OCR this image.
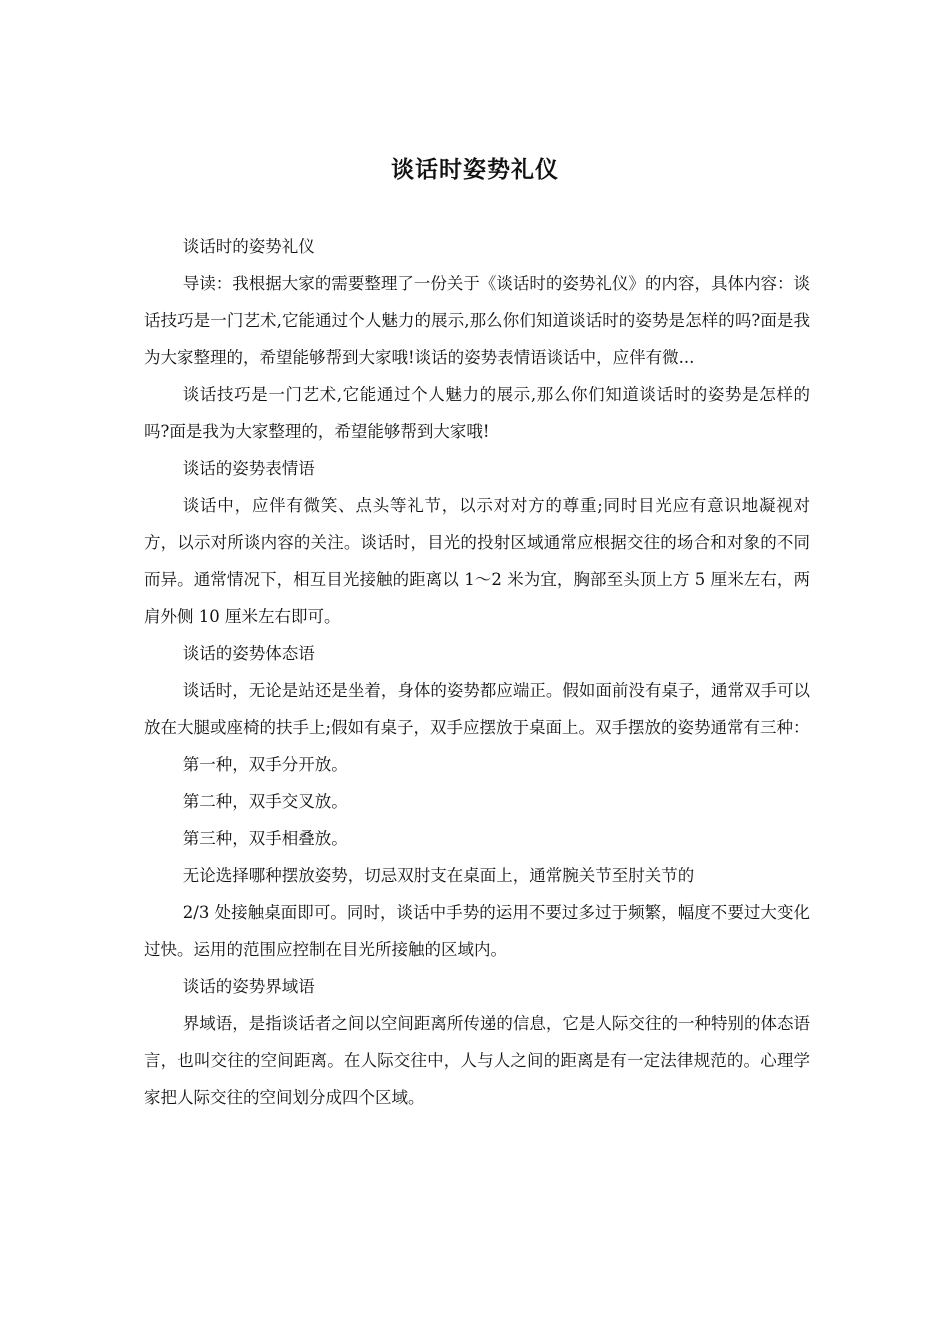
谈话时姿势礼仪

谈话时的姿势礼仪

导读：我根据大家的需要整理了一份关于《谈话时的姿势礼仪》的内容，具体内容：谈话技巧是一门艺术,它能通过个人魅力的展示,那么你们知道谈话时的姿势是怎样的吗?面是我为大家整理的，希望能够帮到大家哦!谈话的姿势表情语谈话中，应伴有微...

谈话技巧是一门艺术,它能通过个人魅力的展示,那么你们知道谈话时的姿势是怎样的吗?面是我为大家整理的，希望能够帮到大家哦!

谈话的姿势表情语

谈话中，应伴有微笑、点头等礼节，以示对对方的尊重;同时目光应有意识地凝视对方，以示对所谈内容的关注。谈话时，目光的投射区域通常应根据交往的场合和对象的不同而异。通常情况下，相互目光接触的距离以 1～2 米为宜，胸部至头顶上方 5 厘米左右，两肩外侧 10 厘米左右即可。

谈话的姿势体态语

谈话时，无论是站还是坐着，身体的姿势都应端正。假如面前没有桌子，通常双手可以放在大腿或座椅的扶手上;假如有桌子，双手应摆放于桌面上。双手摆放的姿势通常有三种：

第一种，双手分开放。

第二种，双手交叉放。

第三种，双手相叠放。

无论选择哪种摆放姿势，切忌双肘支在桌面上，通常腕关节至肘关节的

2/3 处接触桌面即可。同时，谈话中手势的运用不要过多过于频繁，幅度不要过大变化过快。运用的范围应控制在目光所接触的区域内。

谈话的姿势界域语

界域语，是指谈话者之间以空间距离所传递的信息，它是人际交往的一种特别的体态语言，也叫交往的空间距离。在人际交往中，人与人之间的距离是有一定法律规范的。心理学家把人际交往的空间划分成四个区域。
